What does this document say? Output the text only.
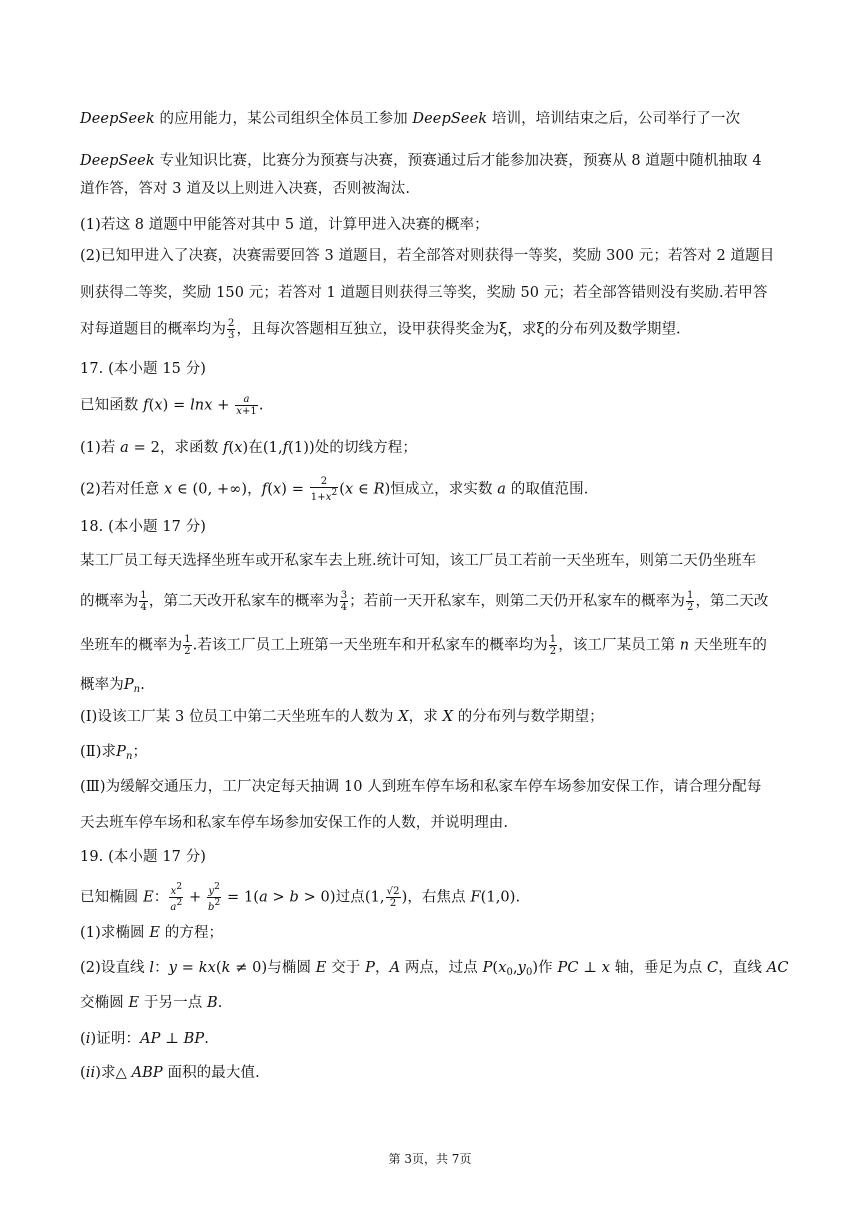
DeepSeek 的应用能力，某公司组织全体员工参加 DeepSeek 培训，培训结束之后，公司举行了一次
DeepSeek 专业知识比赛，比赛分为预赛与决赛，预赛通过后才能参加决赛，预赛从 8 道题中随机抽取 4
道作答，答对 3 道及以上则进入决赛，否则被淘汰.
(1)若这 8 道题中甲能答对其中 5 道，计算甲进入决赛的概率；
(2)已知甲进入了决赛，决赛需要回答 3 道题目，若全部答对则获得一等奖，奖励 300 元；若答对 2 道题目
则获得二等奖，奖励 150 元；若答对 1 道题目则获得三等奖，奖励 50 元；若全部答错则没有奖励.若甲答
对每道题目的概率均为 $\frac{2}{3}$ ，且每次答题相互独立，设甲获得奖金为ξ，求ξ的分布列及数学期望.
17. (本小题 15 分)
已知函数 $f(x) = \ln x + \frac{a}{x+1}$ .
(1)若 a = 2，求函数 f(x)在(1,f(1))处的切线方程；
(2)若对任意 x ∈ (0, +∞)，$f(x) = \frac{2}{1+x2} (x$ ∈ R)恒成立，求实数 a 的取值范围.
18. (本小题 17 分)
某工厂员工每天选择坐班车或开私家车去上班.统计可知，该工厂员工若前一天坐班车，则第二天仍坐班车
的概率为 $\frac{1}{4}$ ，第二天改开私家车的概率为 $\frac{3}{4}$ ；若前一天开私家车，则第二天仍开私家车的概率为 $\frac{1}{2}$ ，第二天改
坐班车的概率为 $\frac{1}{2}$ .若该工厂员工上班第一天坐班车和开私家车的概率均为 $\frac{1}{2}$ ，该工厂某员工第 n 天坐班车的
概率为$P_n$.
(Ⅰ)设该工厂某 3 位员工中第二天坐班车的人数为 X，求 X 的分布列与数学期望；
(Ⅱ)求$P_n$；
(Ⅲ)为缓解交通压力，工厂决定每天抽调 10 人到班车停车场和私家车停车场参加安保工作，请合理分配每
天去班车停车场和私家车停车场参加安保工作的人数，并说明理由.
19. (本小题 17 分)
已知椭圆 E： $\frac{x2}{a2} + \frac{y2}{b2} = 1(a > b > 0)$过点(1, $\frac{√2}{2}$ )，右焦点 F(1,0).
(1)求椭圆 E 的方程；
(2)设直线 l：y = kx(k ≠ 0)与椭圆 E 交于 P，A 两点，过点 $P(x_0,y_0)$作 PC ⊥ x 轴，垂足为点 C，直线 AC
交椭圆 E 于另一点 B.
(i)证明：AP ⊥ BP.
(ii)求△ ABP 面积的最大值.
第 3页，共 7页
